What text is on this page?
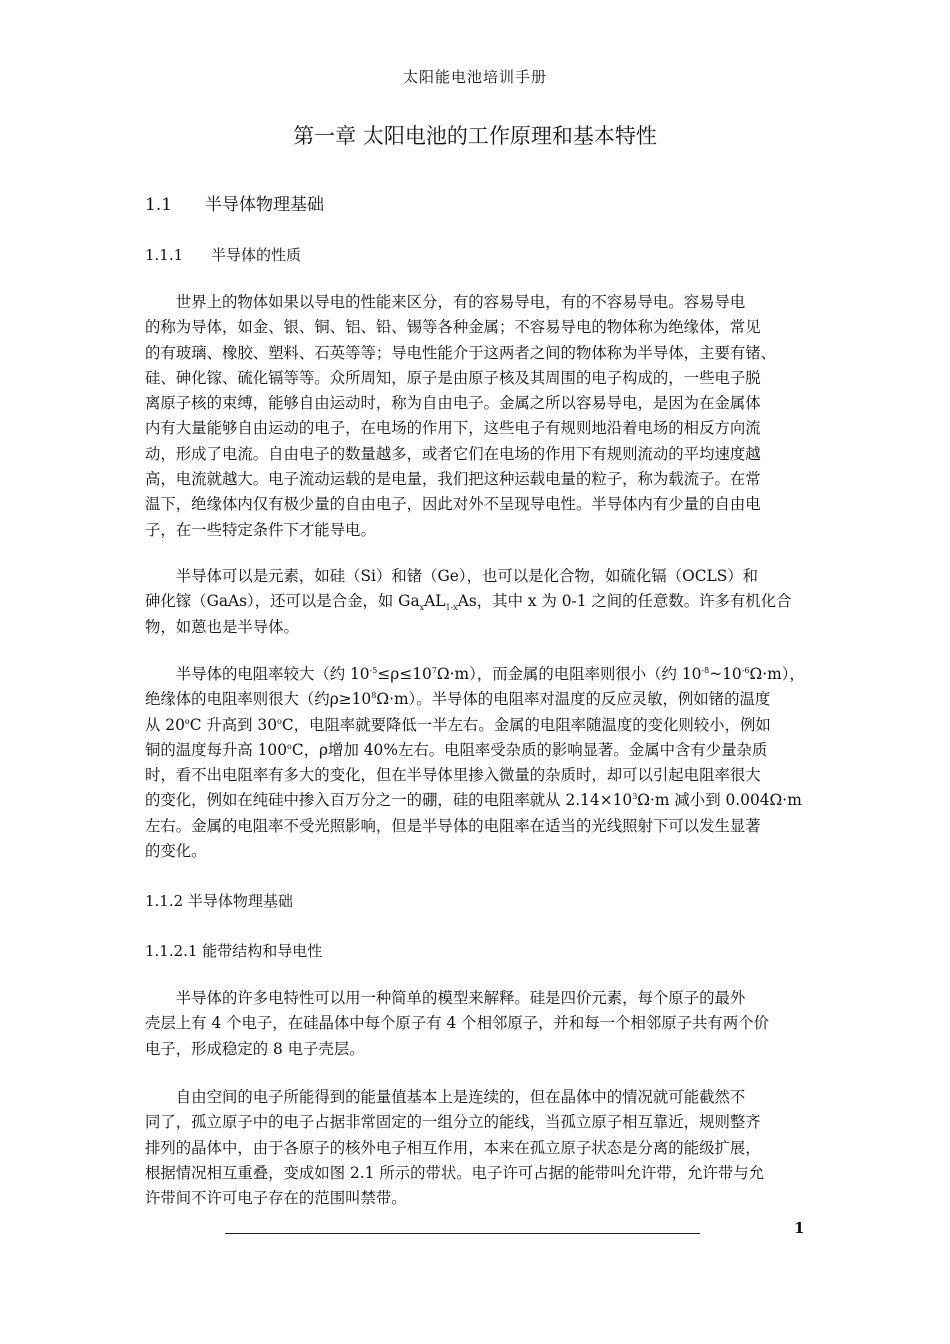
太阳能电池培训手册
第一章 太阳电池的工作原理和基本特性
1.1 半导体物理基础
1.1.1 半导体的性质
世界上的物体如果以导电的性能来区分，有的容易导电，有的不容易导电。容易导电
的称为导体，如金、银、铜、铝、铅、锡等各种金属；不容易导电的物体称为绝缘体，常见
的有玻璃、橡胶、塑料、石英等等；导电性能介于这两者之间的物体称为半导体，主要有锗、
硅、砷化镓、硫化镉等等。众所周知，原子是由原子核及其周围的电子构成的，一些电子脱
离原子核的束缚，能够自由运动时，称为自由电子。金属之所以容易导电，是因为在金属体
内有大量能够自由运动的电子，在电场的作用下，这些电子有规则地沿着电场的相反方向流
动，形成了电流。自由电子的数量越多，或者它们在电场的作用下有规则流动的平均速度越
高，电流就越大。电子流动运载的是电量，我们把这种运载电量的粒子，称为载流子。在常
温下，绝缘体内仅有极少量的自由电子，因此对外不呈现导电性。半导体内有少量的自由电
子，在一些特定条件下才能导电。
半导体可以是元素，如硅（Si）和锗（Ge），也可以是化合物，如硫化镉（OCLS）和
砷化镓（GaAs），还可以是合金，如 $Ga_xAL_{1-x}As$，其中 x 为 0-1 之间的任意数。许多有机化合
物，如蒽也是半导体。
半导体的电阻率较大（约 $10^{-5}\le\rho\le 10^7\Omega\cdot m$），而金属的电阻率则很小（约 $10^{-8}\sim 10^{-6}\Omega\cdot m$），
绝缘体的电阻率则很大（约$\rho\ge 10^8\Omega\cdot m$）。半导体的电阻率对温度的反应灵敏，例如锗的温度
从 20$^o$C 升高到 30$^o$C，电阻率就要降低一半左右。金属的电阻率随温度的变化则较小，例如
铜的温度每升高 100$^o$C，ρ增加 40%左右。电阻率受杂质的影响显著。金属中含有少量杂质
时，看不出电阻率有多大的变化，但在半导体里掺入微量的杂质时，却可以引起电阻率很大
的变化，例如在纯硅中掺入百万分之一的硼，硅的电阻率就从 $2.14\times 10^3\Omega\cdot m$ 减小到 0.004Ω·m
左右。金属的电阻率不受光照影响，但是半导体的电阻率在适当的光线照射下可以发生显著
的变化。
1.1.2 半导体物理基础
1.1.2.1 能带结构和导电性
半导体的许多电特性可以用一种简单的模型来解释。硅是四价元素，每个原子的最外
壳层上有 4 个电子，在硅晶体中每个原子有 4 个相邻原子，并和每一个相邻原子共有两个价
电子，形成稳定的 8 电子壳层。
自由空间的电子所能得到的能量值基本上是连续的，但在晶体中的情况就可能截然不
同了，孤立原子中的电子占据非常固定的一组分立的能线，当孤立原子相互靠近，规则整齐
排列的晶体中，由于各原子的核外电子相互作用，本来在孤立原子状态是分离的能级扩展，
根据情况相互重叠，变成如图 2.1 所示的带状。电子许可占据的能带叫允许带，允许带与允
许带间不许可电子存在的范围叫禁带。
1
